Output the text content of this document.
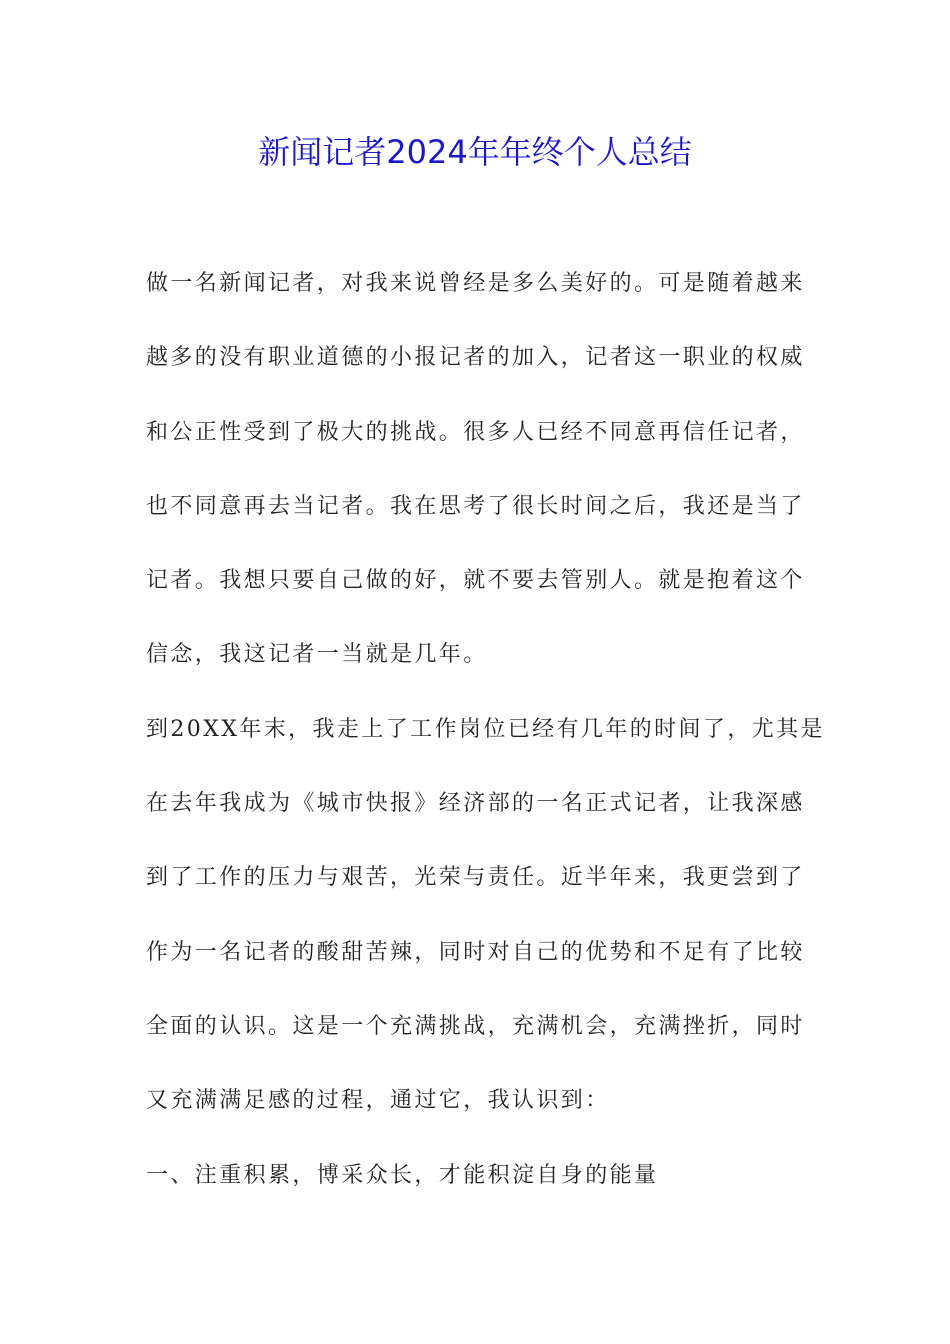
新闻记者2024年年终个人总结
做一名新闻记者，对我来说曾经是多么美好的。可是随着越来
越多的没有职业道德的小报记者的加入，记者这一职业的权威
和公正性受到了极大的挑战。很多人已经不同意再信任记者，
也不同意再去当记者。我在思考了很长时间之后，我还是当了
记者。我想只要自己做的好，就不要去管别人。就是抱着这个
信念，我这记者一当就是几年。
到20XX年末，我走上了工作岗位已经有几年的时间了，尤其是
在去年我成为《城市快报》经济部的一名正式记者，让我深感
到了工作的压力与艰苦，光荣与责任。近半年来，我更尝到了
作为一名记者的酸甜苦辣，同时对自己的优势和不足有了比较
全面的认识。这是一个充满挑战，充满机会，充满挫折，同时
又充满满足感的过程，通过它，我认识到：
一、注重积累，博采众长，才能积淀自身的能量
